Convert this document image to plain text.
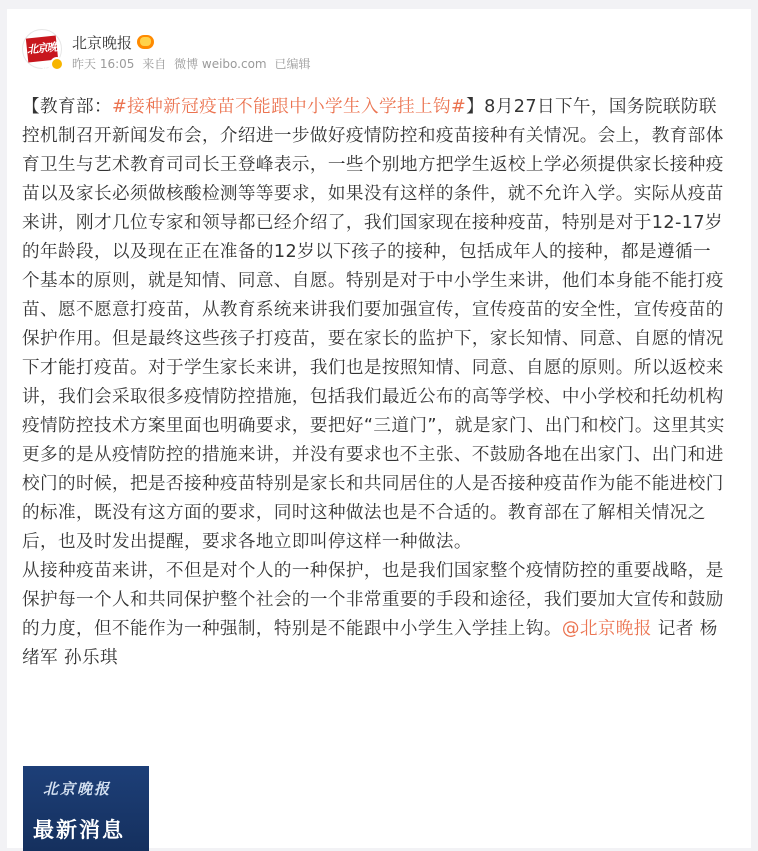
北京晚报
北京晚报
昨天 16:05 来自 微博 weibo.com 已编辑

【教育部：#接种新冠疫苗不能跟中小学生入学挂上钩#】8月27日下午，国务院联防联控机制召开新闻发布会，介绍进一步做好疫情防控和疫苗接种有关情况。会上，教育部体育卫生与艺术教育司司长王登峰表示，一些个别地方把学生返校上学必须提供家长接种疫苗以及家长必须做核酸检测等等要求，如果没有这样的条件，就不允许入学。实际从疫苗来讲，刚才几位专家和领导都已经介绍了，我们国家现在接种疫苗，特别是对于12-17岁的年龄段，以及现在正在准备的12岁以下孩子的接种，包括成年人的接种，都是遵循一个基本的原则，就是知情、同意、自愿。特别是对于中小学生来讲，他们本身能不能打疫苗、愿不愿意打疫苗，从教育系统来讲我们要加强宣传，宣传疫苗的安全性，宣传疫苗的保护作用。但是最终这些孩子打疫苗，要在家长的监护下，家长知情、同意、自愿的情况下才能打疫苗。对于学生家长来讲，我们也是按照知情、同意、自愿的原则。所以返校来讲，我们会采取很多疫情防控措施，包括我们最近公布的高等学校、中小学校和托幼机构疫情防控技术方案里面也明确要求，要把好“三道门”，就是家门、出门和校门。这里其实更多的是从疫情防控的措施来讲，并没有要求也不主张、不鼓励各地在出家门、出门和进校门的时候，把是否接种疫苗特别是家长和共同居住的人是否接种疫苗作为能不能进校门的标准，既没有这方面的要求，同时这种做法也是不合适的。教育部在了解相关情况之后，也及时发出提醒，要求各地立即叫停这样一种做法。

从接种疫苗来讲，不但是对个人的一种保护，也是我们国家整个疫情防控的重要战略，是保护每一个人和共同保护整个社会的一个非常重要的手段和途径，我们要加大宣传和鼓励的力度，但不能作为一种强制，特别是不能跟中小学生入学挂上钩。@北京晚报 记者 杨绪军 孙乐琪

北京晚报
最新消息
